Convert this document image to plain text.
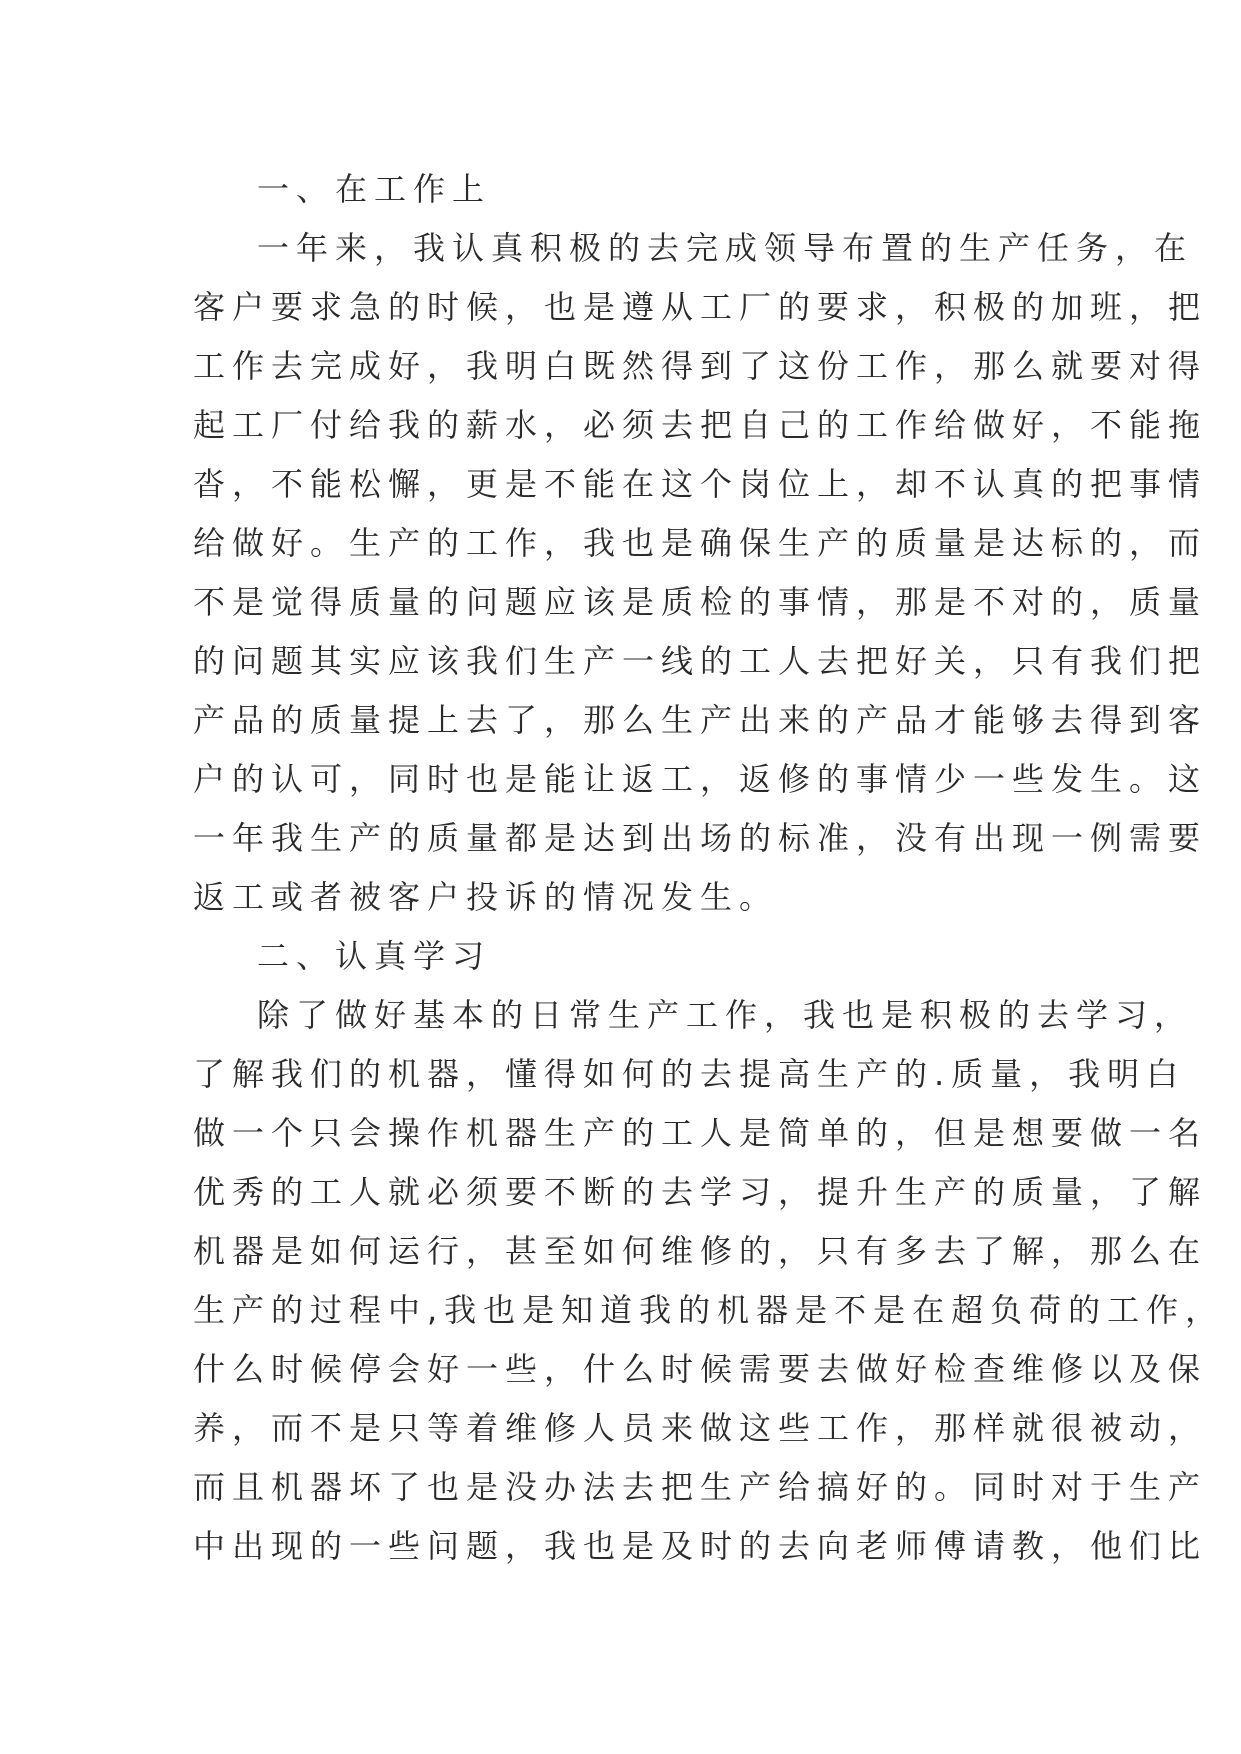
一、在工作上
一年来，我认真积极的去完成领导布置的生产任务，在
客户要求急的时候，也是遵从工厂的要求，积极的加班，把
工作去完成好，我明白既然得到了这份工作，那么就要对得
起工厂付给我的薪水，必须去把自己的工作给做好，不能拖
沓，不能松懈，更是不能在这个岗位上，却不认真的把事情
给做好。生产的工作，我也是确保生产的质量是达标的，而
不是觉得质量的问题应该是质检的事情，那是不对的，质量
的问题其实应该我们生产一线的工人去把好关，只有我们把
产品的质量提上去了，那么生产出来的产品才能够去得到客
户的认可，同时也是能让返工，返修的事情少一些发生。这
一年我生产的质量都是达到出场的标准，没有出现一例需要
返工或者被客户投诉的情况发生。
二、认真学习
除了做好基本的日常生产工作，我也是积极的去学习，
了解我们的机器，懂得如何的去提高生产的.质量，我明白
做一个只会操作机器生产的工人是简单的，但是想要做一名
优秀的工人就必须要不断的去学习，提升生产的质量，了解
机器是如何运行，甚至如何维修的，只有多去了解，那么在
生产的过程中,我也是知道我的机器是不是在超负荷的工作，
什么时候停会好一些，什么时候需要去做好检查维修以及保
养，而不是只等着维修人员来做这些工作，那样就很被动，
而且机器坏了也是没办法去把生产给搞好的。同时对于生产
中出现的一些问题，我也是及时的去向老师傅请教，他们比
